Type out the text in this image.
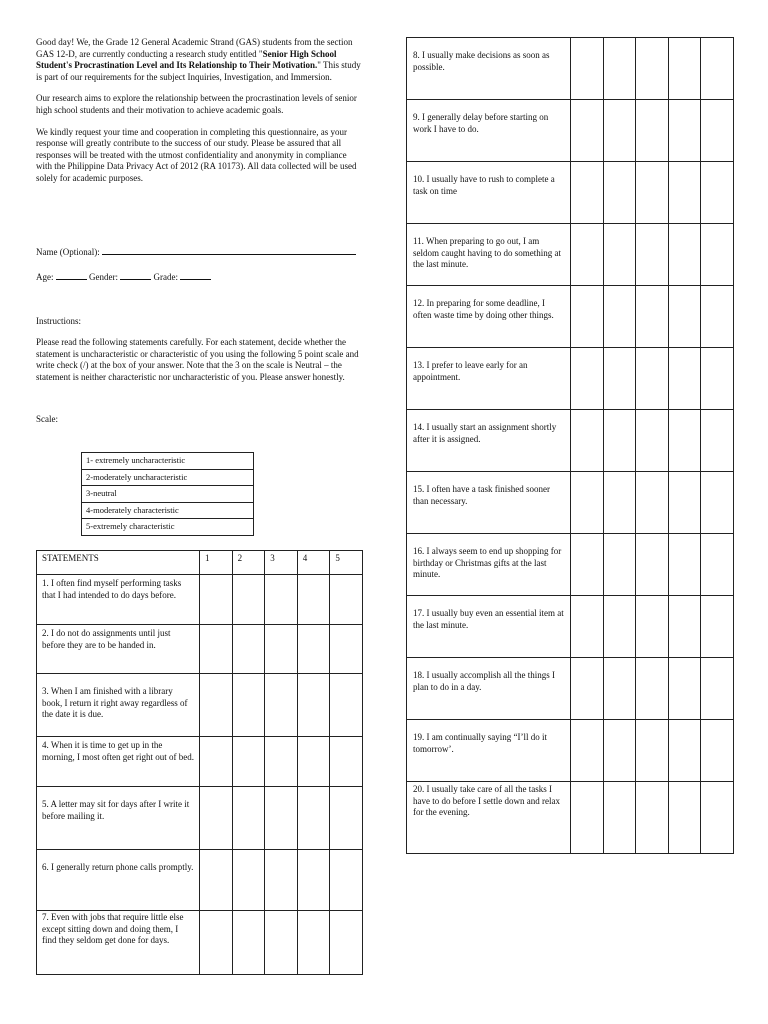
Good day! We, the Grade 12 General Academic Strand (GAS) students from the section GAS 12-D, are currently conducting a research study entitled "Senior High School Student's Procrastination Level and Its Relationship to Their Motivation." This study is part of our requirements for the subject Inquiries, Investigation, and Immersion.

Our research aims to explore the relationship between the procrastination levels of senior high school students and their motivation to achieve academic goals.

We kindly request your time and cooperation in completing this questionnaire, as your response will greatly contribute to the success of our study. Please be assured that all responses will be treated with the utmost confidentiality and anonymity in compliance with the Philippine Data Privacy Act of 2012 (RA 10173). All data collected will be used solely for academic purposes.

Name (Optional):
Age:	Gender:	Grade:
Instructions:
Please read the following statements carefully. For each statement, decide whether the statement is uncharacteristic or characteristic of you using the following 5 point scale and write check (/) at the box of your answer. Note that the 3 on the scale is Neutral – the statement is neither characteristic nor uncharacteristic of you. Please answer honestly.
Scale:
1- extremely uncharacteristic
2-moderately uncharacteristic
3-neutral
4-moderately characteristic
5-extremely characteristic
STATEMENTS	1	2	3	4	5
1. I often find myself performing tasks that I had intended to do days before.					
2. I do not do assignments until just before they are to be handed in.					
3. When I am finished with a library book, I return it right away regardless of the date it is due.					
4. When it is time to get up in the morning, I most often get right out of bed.					
5. A letter may sit for days after I write it before mailing it.					
6. I generally return phone calls promptly.					
7. Even with jobs that require little else except sitting down and doing them, I find they seldom get done for days.					
8. I usually make decisions as soon as possible.					
9. I generally delay before starting on work I have to do.					
10. I usually have to rush to complete a task on time					
11. When preparing to go out, I am seldom caught having to do something at the last minute.					
12. In preparing for some deadline, I often waste time by doing other things.					
13. I prefer to leave early for an appointment.					
14. I usually start an assignment shortly after it is assigned.					
15. I often have a task finished sooner than necessary.					
16. I always seem to end up shopping for birthday or Christmas gifts at the last minute.					
17. I usually buy even an essential item at the last minute.					
18. I usually accomplish all the things I plan to do in a day.					
19. I am continually saying “I’ll do it tomorrow’.					
20. I usually take care of all the tasks I have to do before I settle down and relax for the evening.					
